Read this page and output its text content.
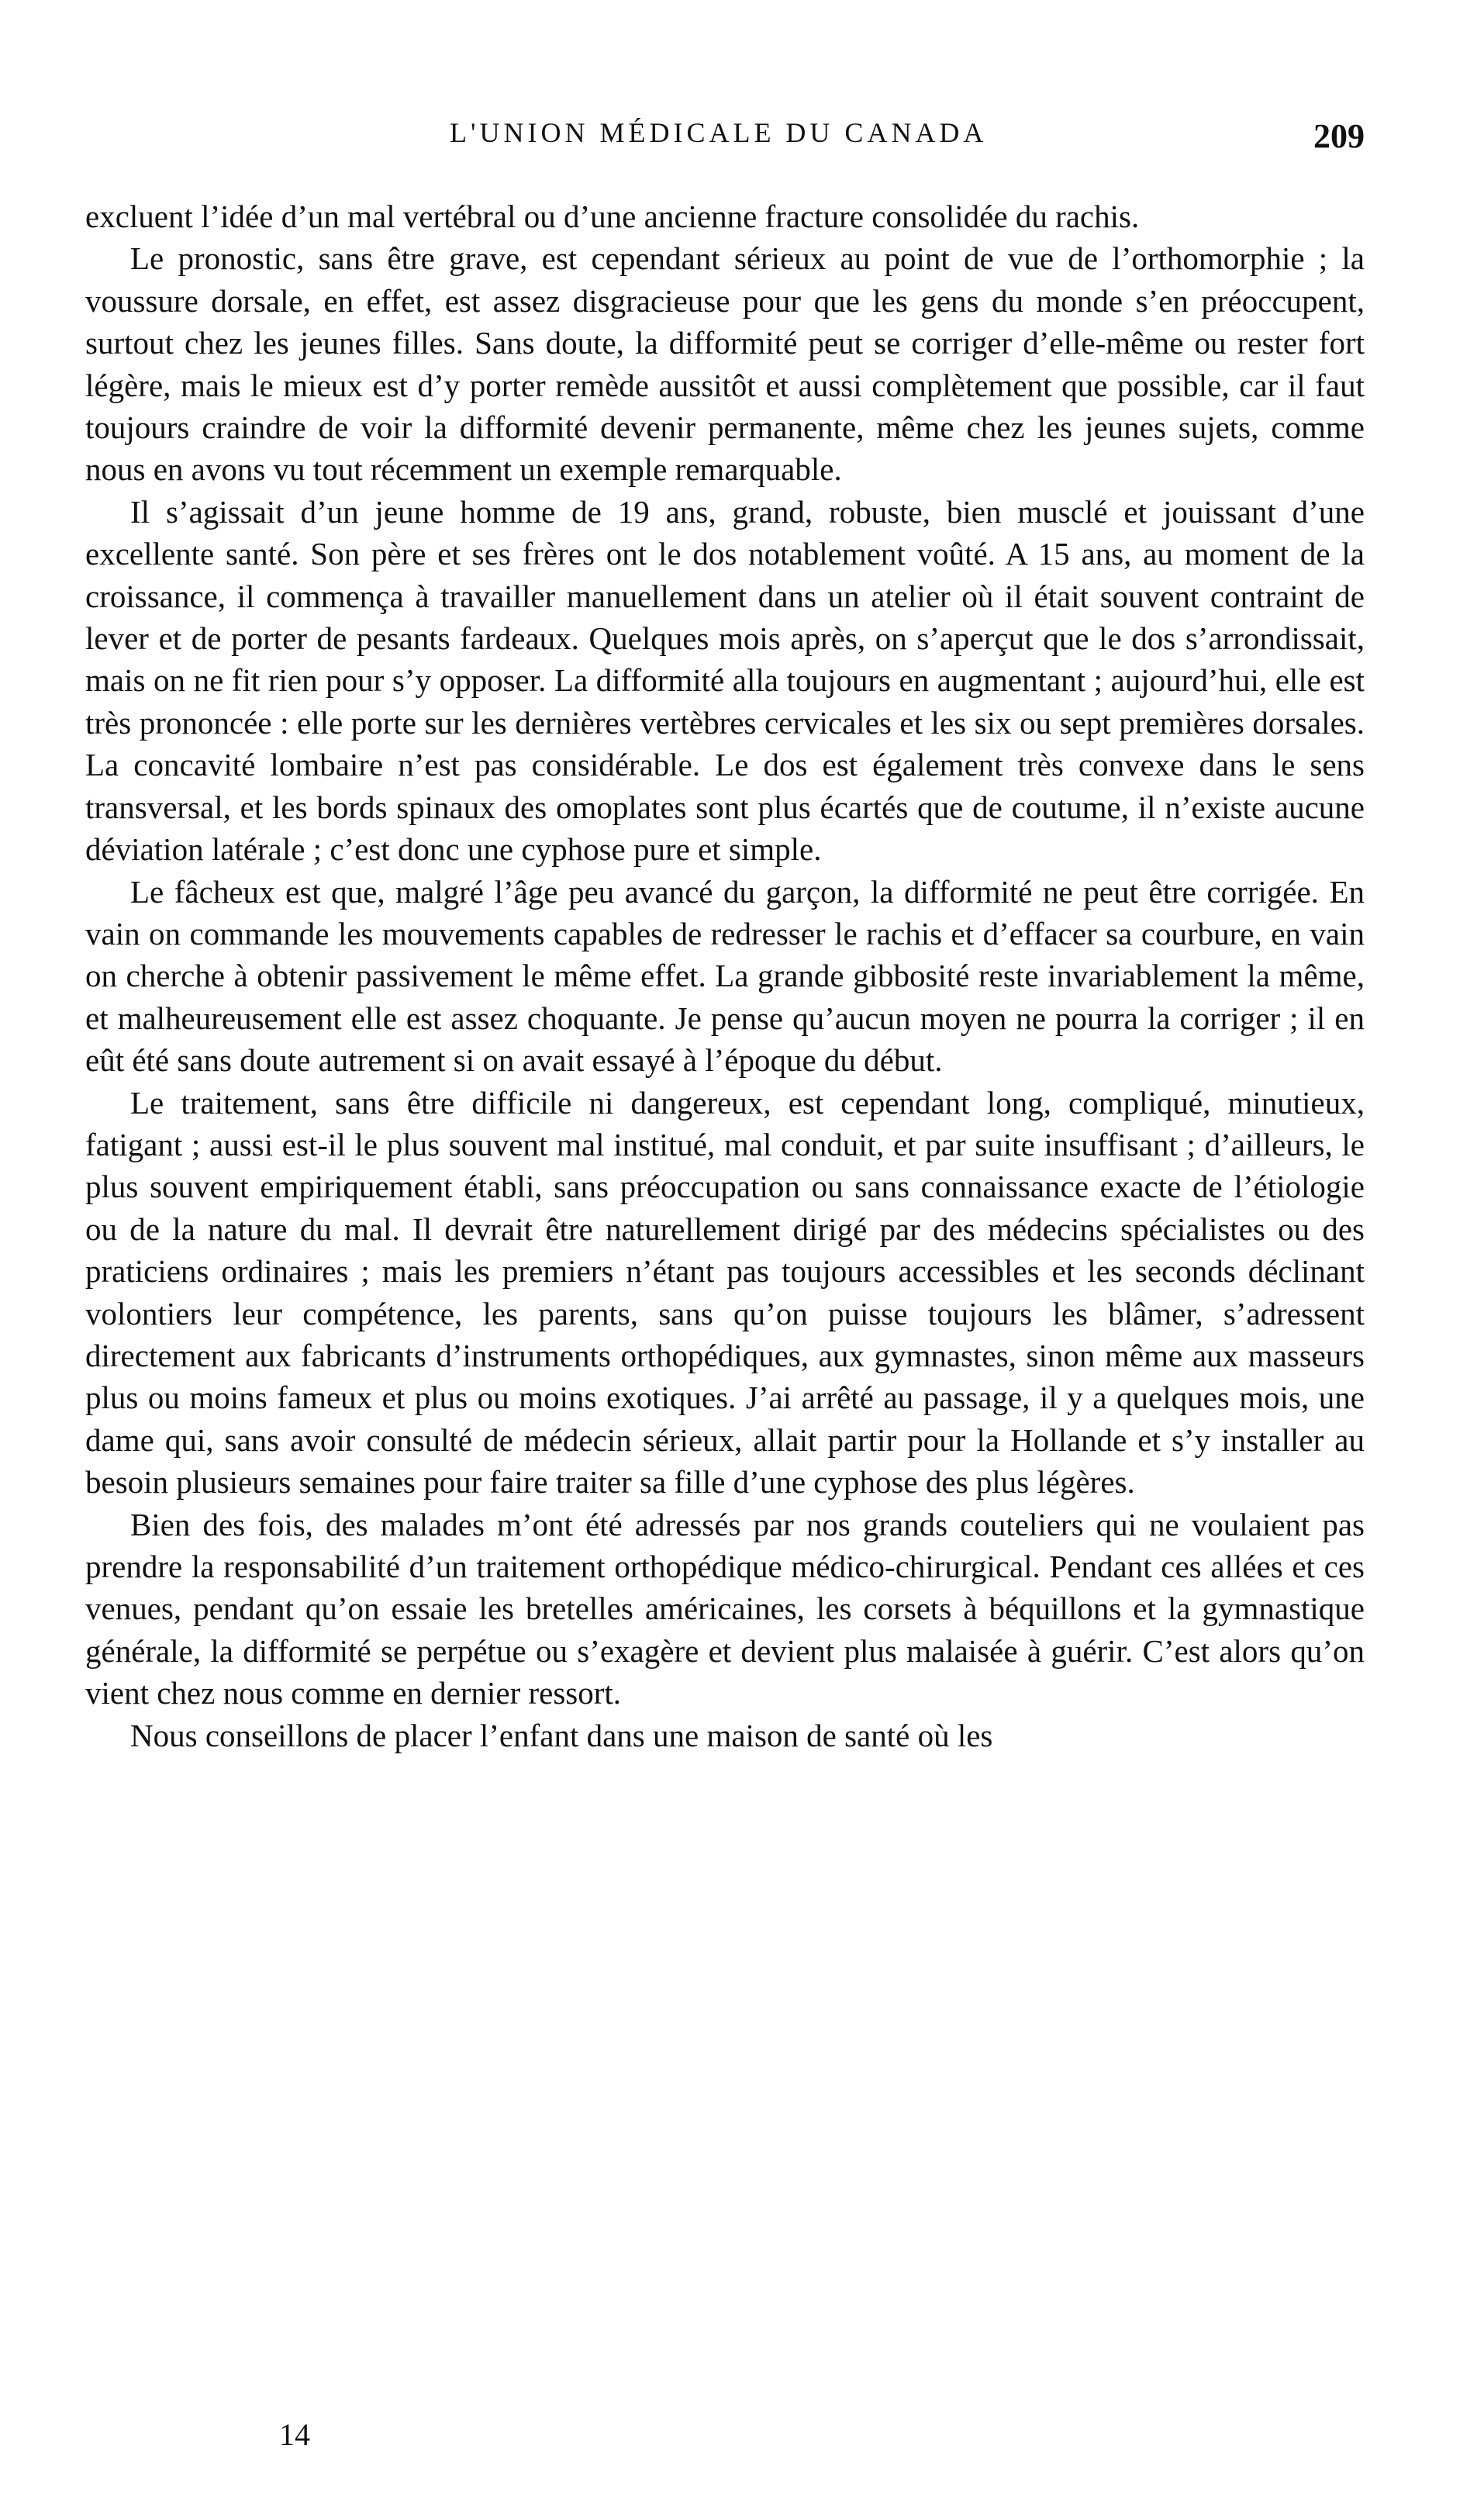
L'UNION MÉDICALE DU CANADA	209

excluent l’idée d’un mal vertébral ou d’une ancienne fracture consolidée du rachis.

Le pronostic, sans être grave, est cependant sérieux au point de vue de l’orthomorphie ; la voussure dorsale, en effet, est assez disgracieuse pour que les gens du monde s’en préoccupent, surtout chez les jeunes filles. Sans doute, la difformité peut se corriger d’elle-même ou rester fort légère, mais le mieux est d’y porter remède aussitôt et aussi complètement que possible, car il faut toujours craindre de voir la difformité devenir permanente, même chez les jeunes sujets, comme nous en avons vu tout récemment un exemple remarquable.

Il s’agissait d’un jeune homme de 19 ans, grand, robuste, bien musclé et jouissant d’une excellente santé. Son père et ses frères ont le dos notablement voûté. A 15 ans, au moment de la croissance, il commença à travailler manuellement dans un atelier où il était souvent contraint de lever et de porter de pesants fardeaux. Quelques mois après, on s’aperçut que le dos s’arrondissait, mais on ne fit rien pour s’y opposer. La difformité alla toujours en augmentant ; aujourd’hui, elle est très prononcée : elle porte sur les dernières vertèbres cervicales et les six ou sept premières dorsales. La concavité lombaire n’est pas considérable. Le dos est également très convexe dans le sens transversal, et les bords spinaux des omoplates sont plus écartés que de coutume, il n’existe aucune déviation latérale ; c’est donc une cyphose pure et simple.

Le fâcheux est que, malgré l’âge peu avancé du garçon, la difformité ne peut être corrigée. En vain on commande les mouvements capables de redresser le rachis et d’effacer sa courbure, en vain on cherche à obtenir passivement le même effet. La grande gibbosité reste invariablement la même, et malheureusement elle est assez choquante. Je pense qu’aucun moyen ne pourra la corriger ; il en eût été sans doute autrement si on avait essayé à l’époque du début.

Le traitement, sans être difficile ni dangereux, est cependant long, compliqué, minutieux, fatigant ; aussi est-il le plus souvent mal institué, mal conduit, et par suite insuffisant ; d’ailleurs, le plus souvent empiriquement établi, sans préoccupation ou sans connaissance exacte de l’étiologie ou de la nature du mal. Il devrait être naturellement dirigé par des médecins spécialistes ou des praticiens ordinaires ; mais les premiers n’étant pas toujours accessibles et les seconds déclinant volontiers leur compétence, les parents, sans qu’on puisse toujours les blâmer, s’adressent directement aux fabricants d’instruments orthopédiques, aux gymnastes, sinon même aux masseurs plus ou moins fameux et plus ou moins exotiques. J’ai arrêté au passage, il y a quelques mois, une dame qui, sans avoir consulté de médecin sérieux, allait partir pour la Hollande et s’y installer au besoin plusieurs semaines pour faire traiter sa fille d’une cyphose des plus légères.

Bien des fois, des malades m’ont été adressés par nos grands couteliers qui ne voulaient pas prendre la responsabilité d’un traitement orthopédique médico-chirurgical. Pendant ces allées et ces venues, pendant qu’on essaie les bretelles américaines, les corsets à béquillons et la gymnastique générale, la difformité se perpétue ou s’exagère et devient plus malaisée à guérir. C’est alors qu’on vient chez nous comme en dernier ressort.

Nous conseillons de placer l’enfant dans une maison de santé où les

14
